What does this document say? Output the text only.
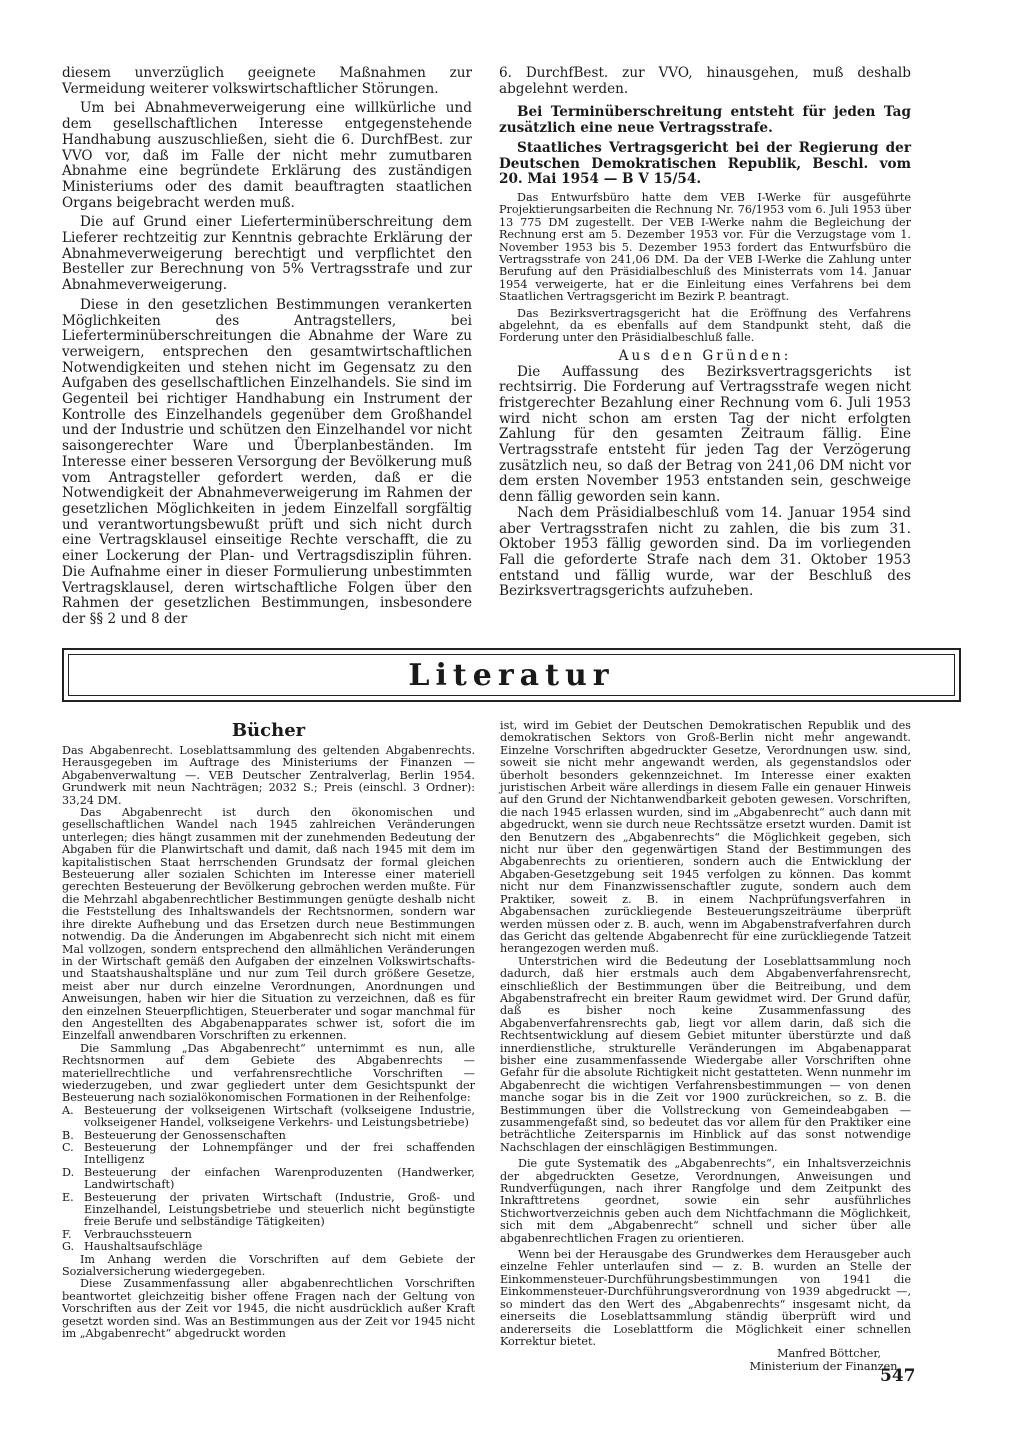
diesem unverzüglich geeignete Maßnahmen zur Vermeidung weiterer volkswirtschaftlicher Störungen.

Um bei Abnahmeverweigerung eine willkürliche und dem gesellschaftlichen Interesse entgegenstehende Handhabung auszuschließen, sieht die 6. DurchfBest. zur VVO vor, daß im Falle der nicht mehr zumutbaren Abnahme eine begründete Erklärung des zuständigen Ministeriums oder des damit beauftragten staatlichen Organs beigebracht werden muß.

Die auf Grund einer Lieferterminüberschreitung dem Lieferer rechtzeitig zur Kenntnis gebrachte Erklärung der Abnahmeverweigerung berechtigt und verpflichtet den Besteller zur Berechnung von 5% Vertragsstrafe und zur Abnahmeverweigerung.

Diese in den gesetzlichen Bestimmungen verankerten Möglichkeiten des Antragstellers, bei Lieferterminüberschreitungen die Abnahme der Ware zu verweigern, entsprechen den gesamtwirtschaftlichen Notwendigkeiten und stehen nicht im Gegensatz zu den Aufgaben des gesellschaftlichen Einzelhandels. Sie sind im Gegenteil bei richtiger Handhabung ein Instrument der Kontrolle des Einzelhandels gegenüber dem Großhandel und der Industrie und schützen den Einzelhandel vor nicht saisongerechter Ware und Überplanbeständen. Im Interesse einer besseren Versorgung der Bevölkerung muß vom Antragsteller gefordert werden, daß er die Notwendigkeit der Abnahmeverweigerung im Rahmen der gesetzlichen Möglichkeiten in jedem Einzelfall sorgfältig und verantwortungsbewußt prüft und sich nicht durch eine Vertragsklausel einseitige Rechte verschafft, die zu einer Lockerung der Plan- und Vertragsdisziplin führen. Die Aufnahme einer in dieser Formulierung unbestimmten Vertragsklausel, deren wirtschaftliche Folgen über den Rahmen der gesetzlichen Bestimmungen, insbesondere der §§ 2 und 8 der

6. DurchfBest. zur VVO, hinausgehen, muß deshalb abgelehnt werden.

Bei Terminüberschreitung entsteht für jeden Tag zusätzlich eine neue Vertragsstrafe.

Staatliches Vertragsgericht bei der Regierung der Deutschen Demokratischen Republik, Beschl. vom 20. Mai 1954 — B V 15/54.

Das Entwurfsbüro hatte dem VEB I-Werke für ausgeführte Projektierungsarbeiten die Rechnung Nr. 76/1953 vom 6. Juli 1953 über 13 775 DM zugestellt. Der VEB I-Werke nahm die Begleichung der Rechnung erst am 5. Dezember 1953 vor. Für die Verzugstage vom 1. November 1953 bis 5. Dezember 1953 fordert das Entwurfsbüro die Vertragsstrafe von 241,06 DM. Da der VEB I-Werke die Zahlung unter Berufung auf den Präsidialbeschluß des Ministerrats vom 14. Januar 1954 verweigerte, hat er die Einleitung eines Verfahrens bei dem Staatlichen Vertragsgericht im Bezirk P. beantragt.

Das Bezirksvertragsgericht hat die Eröffnung des Verfahrens abgelehnt, da es ebenfalls auf dem Standpunkt steht, daß die Forderung unter den Präsidialbeschluß falle.

Aus den Gründen:

Die Auffassung des Bezirksvertragsgerichts ist rechtsirrig. Die Forderung auf Vertragsstrafe wegen nicht fristgerechter Bezahlung einer Rechnung vom 6. Juli 1953 wird nicht schon am ersten Tag der nicht erfolgten Zahlung für den gesamten Zeitraum fällig. Eine Vertragsstrafe entsteht für jeden Tag der Verzögerung zusätzlich neu, so daß der Betrag von 241,06 DM nicht vor dem ersten November 1953 entstanden sein, geschweige denn fällig geworden sein kann.

Nach dem Präsidialbeschluß vom 14. Januar 1954 sind aber Vertragsstrafen nicht zu zahlen, die bis zum 31. Oktober 1953 fällig geworden sind. Da im vorliegenden Fall die geforderte Strafe nach dem 31. Oktober 1953 entstand und fällig wurde, war der Beschluß des Bezirksvertragsgerichts aufzuheben.

Literatur
Bücher

Das Abgabenrecht. Loseblattsammlung des geltenden Abgabenrechts. Herausgegeben im Auftrage des Ministeriums der Finanzen — Abgabenverwaltung —. VEB Deutscher Zentralverlag, Berlin 1954. Grundwerk mit neun Nachträgen; 2032 S.; Preis (einschl. 3 Ordner): 33,24 DM.

Das Abgabenrecht ist durch den ökonomischen und gesellschaftlichen Wandel nach 1945 zahlreichen Veränderungen unterlegen; dies hängt zusammen mit der zunehmenden Bedeutung der Abgaben für die Planwirtschaft und damit, daß nach 1945 mit dem im kapitalistischen Staat herrschenden Grundsatz der formal gleichen Besteuerung aller sozialen Schichten im Interesse einer materiell gerechten Besteuerung der Bevölkerung gebrochen werden mußte. Für die Mehrzahl abgabenrechtlicher Bestimmungen genügte deshalb nicht die Feststellung des Inhaltswandels der Rechtsnormen, sondern war ihre direkte Aufhebung und das Ersetzen durch neue Bestimmungen notwendig. Da die Änderungen im Abgabenrecht sich nicht mit einem Mal vollzogen, sondern entsprechend den allmählichen Veränderungen in der Wirtschaft gemäß den Aufgaben der einzelnen Volkswirtschafts- und Staatshaushaltspläne und nur zum Teil durch größere Gesetze, meist aber nur durch einzelne Verordnungen, Anordnungen und Anweisungen, haben wir hier die Situation zu verzeichnen, daß es für den einzelnen Steuerpflichtigen, Steuerberater und sogar manchmal für den Angestellten des Abgabenapparates schwer ist, sofort die im Einzelfall anwendbaren Vorschriften zu erkennen.

Die Sammlung „Das Abgabenrecht“ unternimmt es nun, alle Rechtsnormen auf dem Gebiete des Abgabenrechts — materiellrechtliche und verfahrensrechtliche Vorschriften — wiederzugeben, und zwar gegliedert unter dem Gesichtspunkt der Besteuerung nach sozialökonomischen Formationen in der Reihenfolge:

A. Besteuerung der volkseigenen Wirtschaft (volkseigene Industrie, volkseigener Handel, volkseigene Verkehrs- und Leistungsbetriebe)
B. Besteuerung der Genossenschaften
C. Besteuerung der Lohnempfänger und der frei schaffenden Intelligenz
D. Besteuerung der einfachen Warenproduzenten (Handwerker, Landwirtschaft)
E. Besteuerung der privaten Wirtschaft (Industrie, Groß- und Einzelhandel, Leistungsbetriebe und steuerlich nicht begünstigte freie Berufe und selbständige Tätigkeiten)
F.	Verbrauchssteuern
G. Haushaltsaufschläge

Im Anhang werden die Vorschriften auf dem Gebiete der Sozialversicherung wiedergegeben.

Diese Zusammenfassung aller abgabenrechtlichen Vorschriften beantwortet gleichzeitig bisher offene Fragen nach der Geltung von Vorschriften aus der Zeit vor 1945, die nicht ausdrücklich außer Kraft gesetzt worden sind. Was an Bestimmungen aus der Zeit vor 1945 nicht im „Abgabenrecht“ abgedruckt worden

ist, wird im Gebiet der Deutschen Demokratischen Republik und des demokratischen Sektors von Groß-Berlin nicht mehr angewandt. Einzelne Vorschriften abgedruckter Gesetze, Verordnungen usw. sind, soweit sie nicht mehr angewandt werden, als gegenstandslos oder überholt besonders gekennzeichnet. Im Interesse einer exakten juristischen Arbeit wäre allerdings in diesem Falle ein genauer Hinweis auf den Grund der Nichtanwendbarkeit geboten gewesen. Vorschriften, die nach 1945 erlassen wurden, sind im „Abgabenrecht“ auch dann mit abgedruckt, wenn sie durch neue Rechtssätze ersetzt wurden. Damit ist den Benutzern des „Abgabenrechts“ die Möglichkeit gegeben, sich nicht nur über den gegenwärtigen Stand der Bestimmungen des Abgabenrechts zu orientieren, sondern auch die Entwicklung der Abgaben-Gesetzgebung seit 1945 verfolgen zu können. Das kommt nicht nur dem Finanzwissenschaftler zugute, sondern auch dem Praktiker, soweit z. B. in einem Nachprüfungsverfahren in Abgabensachen zurückliegende Besteuerungszeiträume überprüft werden müssen oder z. B. auch, wenn im Abgabenstrafverfahren durch das Gericht das geltende Abgabenrecht für eine zurückliegende Tatzeit herangezogen werden muß.

Unterstrichen wird die Bedeutung der Loseblattsammlung noch dadurch, daß hier erstmals auch dem Abgabenverfahrensrecht, einschließlich der Bestimmungen über die Beitreibung, und dem Abgabenstrafrecht ein breiter Raum gewidmet wird. Der Grund dafür, daß es bisher noch keine Zusammenfassung des Abgabenverfahrensrechts gab, liegt vor allem darin, daß sich die Rechtsentwicklung auf diesem Gebiet mitunter überstürzte und daß innerdienstliche, strukturelle Veränderungen im Abgabenapparat bisher eine zusammenfassende Wiedergabe aller Vorschriften ohne Gefahr für die absolute Richtigkeit nicht gestatteten. Wenn nunmehr im Abgabenrecht die wichtigen Verfahrensbestimmungen — von denen manche sogar bis in die Zeit vor 1900 zurückreichen, so z. B. die Bestimmungen über die Vollstreckung von Gemeindeabgaben — zusammengefaßt sind, so bedeutet das vor allem für den Praktiker eine beträchtliche Zeitersparnis im Hinblick auf das sonst notwendige Nachschlagen der einschlägigen Bestimmungen.

Die gute Systematik des „Abgabenrechts“, ein Inhaltsverzeichnis der abgedruckten Gesetze, Verordnungen, Anweisungen und Rundverfügungen, nach ihrer Rangfolge und dem Zeitpunkt des Inkrafttretens geordnet, sowie ein sehr ausführliches Stichwortverzeichnis geben auch dem Nichtfachmann die Möglichkeit, sich mit dem „Abgabenrecht“ schnell und sicher über alle abgabenrechtlichen Fragen zu orientieren.

Wenn bei der Herausgabe des Grundwerkes dem Herausgeber auch einzelne Fehler unterlaufen sind — z. B. wurden an Stelle der Einkommensteuer-Durchführungsbestimmungen von 1941 die Einkommensteuer-Durchführungsverordnung von 1939 abgedruckt —, so mindert das den Wert des „Abgabenrechts“ insgesamt nicht, da einerseits die Loseblattsammlung ständig überprüft wird und andererseits die Loseblattform die Möglichkeit einer schnellen Korrektur bietet.

Manfred Böttcher,

Ministerium der Finanzen.

547
